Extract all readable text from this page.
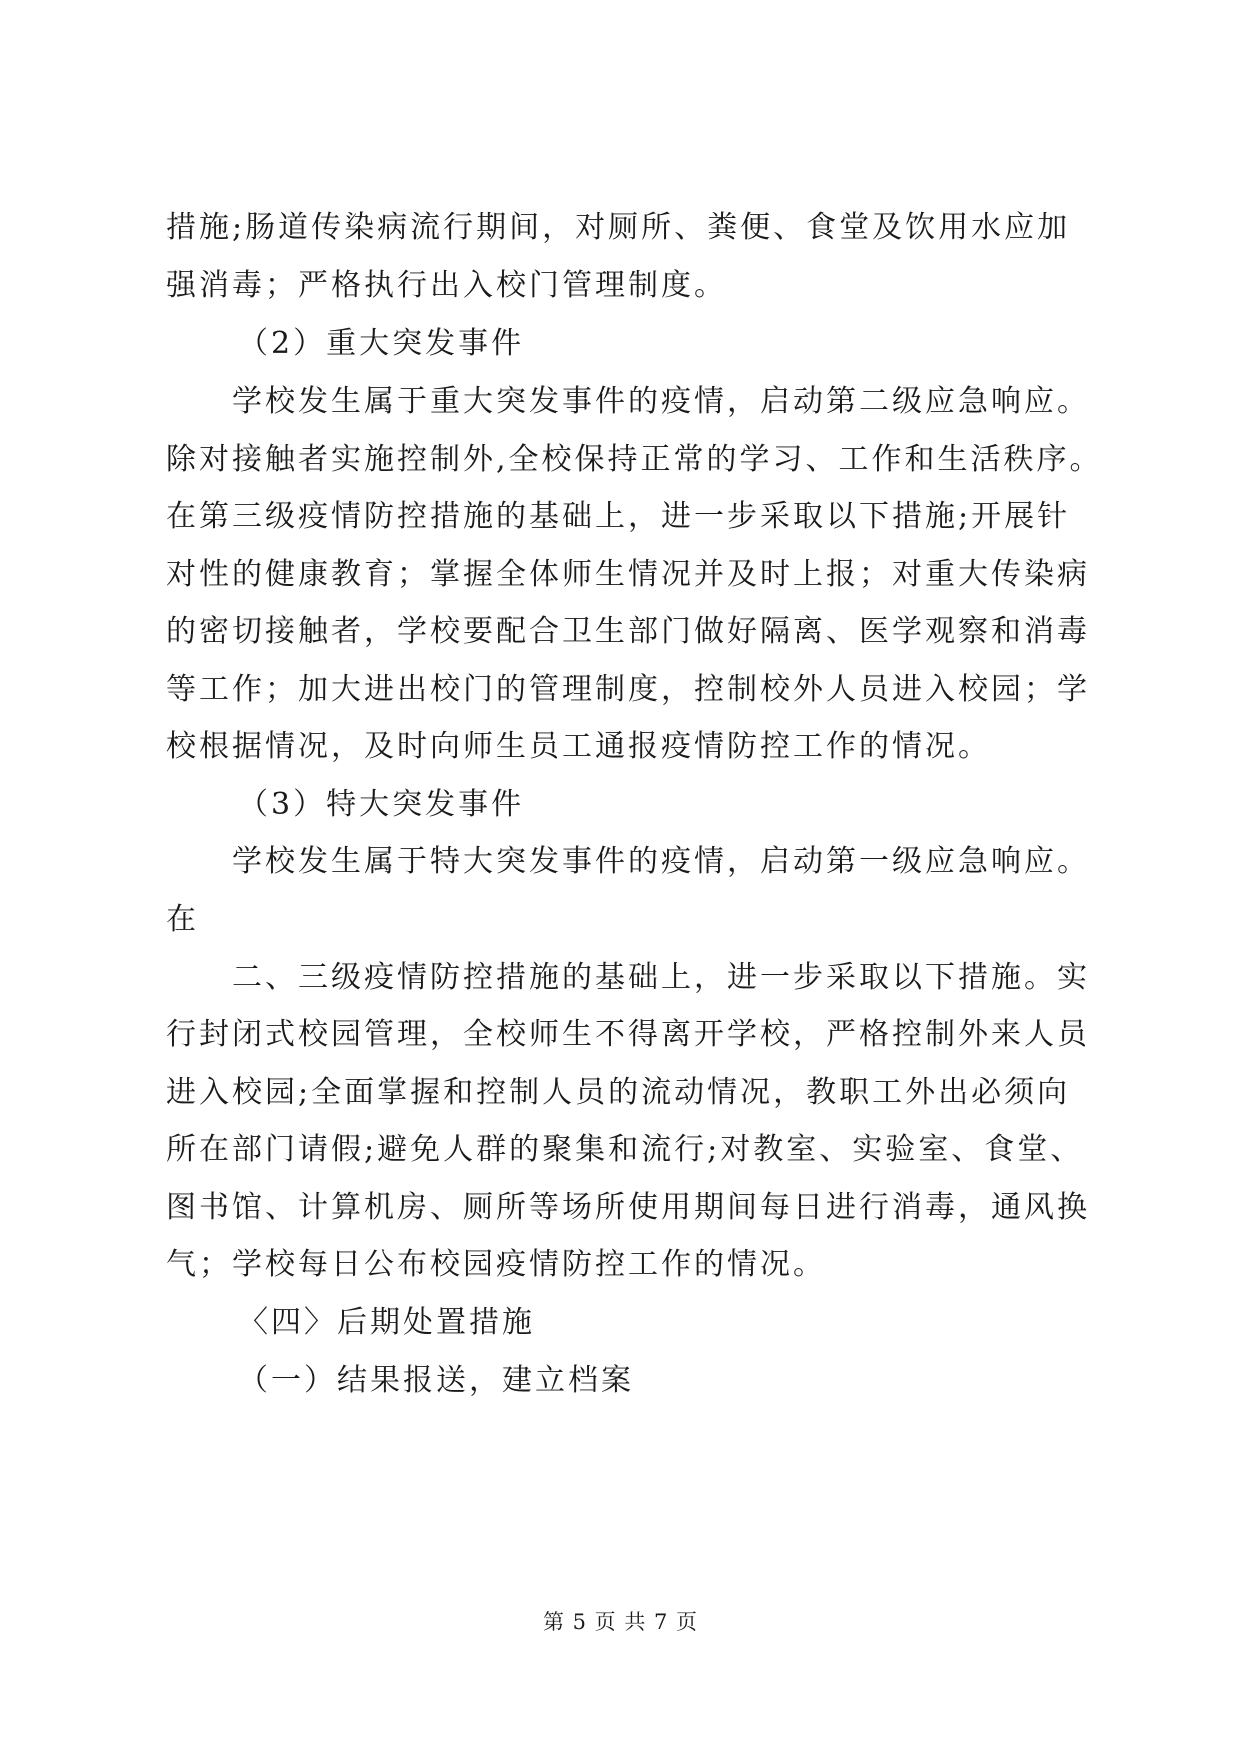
措施;肠道传染病流行期间，对厕所、粪便、食堂及饮用水应加
强消毒；严格执行出入校门管理制度。
（2）重大突发事件
学校发生属于重大突发事件的疫情，启动第二级应急响应。
除对接触者实施控制外,全校保持正常的学习、工作和生活秩序。
在第三级疫情防控措施的基础上，进一步采取以下措施;开展针
对性的健康教育；掌握全体师生情况并及时上报；对重大传染病
的密切接触者，学校要配合卫生部门做好隔离、医学观察和消毒
等工作；加大进出校门的管理制度，控制校外人员进入校园；学
校根据情况，及时向师生员工通报疫情防控工作的情况。
（3）特大突发事件
学校发生属于特大突发事件的疫情，启动第一级应急响应。
在
二、三级疫情防控措施的基础上，进一步采取以下措施。实
行封闭式校园管理，全校师生不得离开学校，严格控制外来人员
进入校园;全面掌握和控制人员的流动情况，教职工外出必须向
所在部门请假;避免人群的聚集和流行;对教室、实验室、食堂、
图书馆、计算机房、厕所等场所使用期间每日进行消毒，通风换
气；学校每日公布校园疫情防控工作的情况。
〈四〉后期处置措施
（一）结果报送，建立档案
第 5 页 共 7 页
